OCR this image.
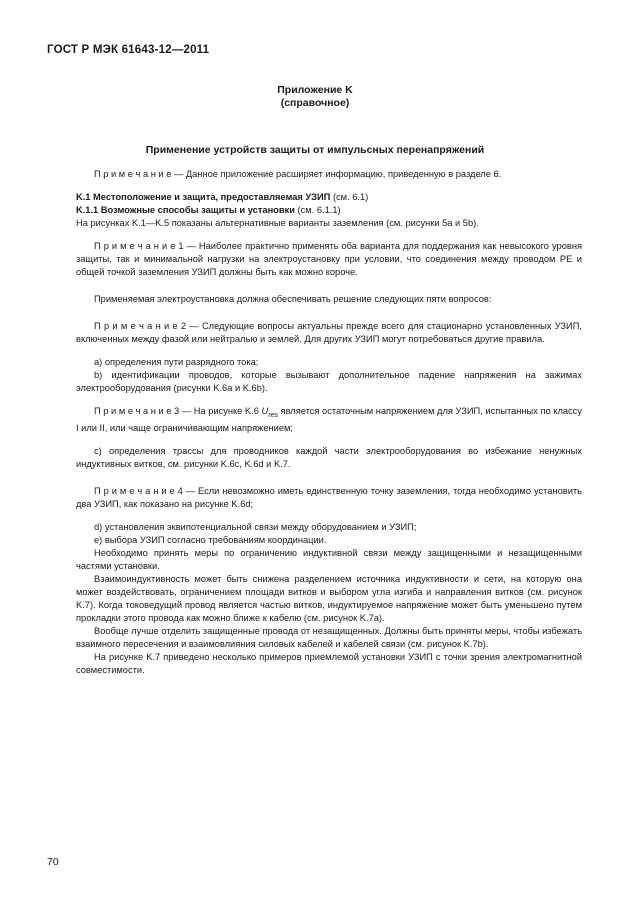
ГОСТ Р МЭК 61643-12—2011
Приложение K
(справочное)
Применение устройств защиты от импульсных перенапряжений

П р и м е ч а н и е — Данное приложение расширяет информацию, приведенную в разделе 6.

K.1 Местоположение и защита, предоставляемая УЗИП (см. 6.1)

K.1.1 Возможные способы защиты и установки (см. 6.1.1)

На рисунках K.1—K.5 показаны альтернативные варианты заземления (см. рисунки 5a и 5b).

П р и м е ч а н и е 1 — Наиболее практично применять оба варианта для поддержания как невысокого уровня защиты, так и минимальной нагрузки на электроустановку при условии, что соединения между проводом PE и общей точкой заземления УЗИП должны быть как можно короче.

Применяемая электроустановка должна обеспечивать решение следующих пяти вопросов:

П р и м е ч а н и е 2 — Следующие вопросы актуальны прежде всего для стационарно установленных УЗИП, включенных между фазой или нейтралью и землей. Для других УЗИП могут потребоваться другие правила.

a) определения пути разрядного тока;

b) идентификации проводов, которые вызывают дополнительное падение напряжения на зажимах электрооборудования (рисунки K.6a и K.6b).

П р и м е ч а н и е 3 — На рисунке K.6 $U_{res}$ является остаточным напряжением для УЗИП, испытанных по классу I или II, или чаще ограничивающим напряжением;

c) определения трассы для проводников каждой части электрооборудования во избежание ненужных индуктивных витков, см. рисунки K.6c, K.6d и K.7.

П р и м е ч а н и е 4 — Если невозможно иметь единственную точку заземления, тогда необходимо установить два УЗИП, как показано на рисунке K.6d;

d) установления эквипотенциальной связи между оборудованием и УЗИП;

e) выбора УЗИП согласно требованиям координации.

Необходимо принять меры по ограничению индуктивной связи между защищенными и незащищенными частями установки.

Взаимоиндуктивность может быть снижена разделением источника индуктивности и сети, на которую она может воздействовать, ограничением площади витков и выбором угла изгиба и направления витков (см. рисунок K.7). Когда токоведущий провод является частью витков, индуктируемое напряжение может быть уменьшено путем прокладки этого провода как можно ближе к кабелю (см. рисунок K.7a).

Вообще лучше отделить защищенные провода от незащищенных. Должны быть приняты меры, чтобы избежать взаимного пересечения и взаимовлияния силовых кабелей и кабелей связи (см. рисунок K.7b).

На рисунке K.7 приведено несколько примеров приемлемой установки УЗИП с точки зрения электромагнитной совместимости.

70
